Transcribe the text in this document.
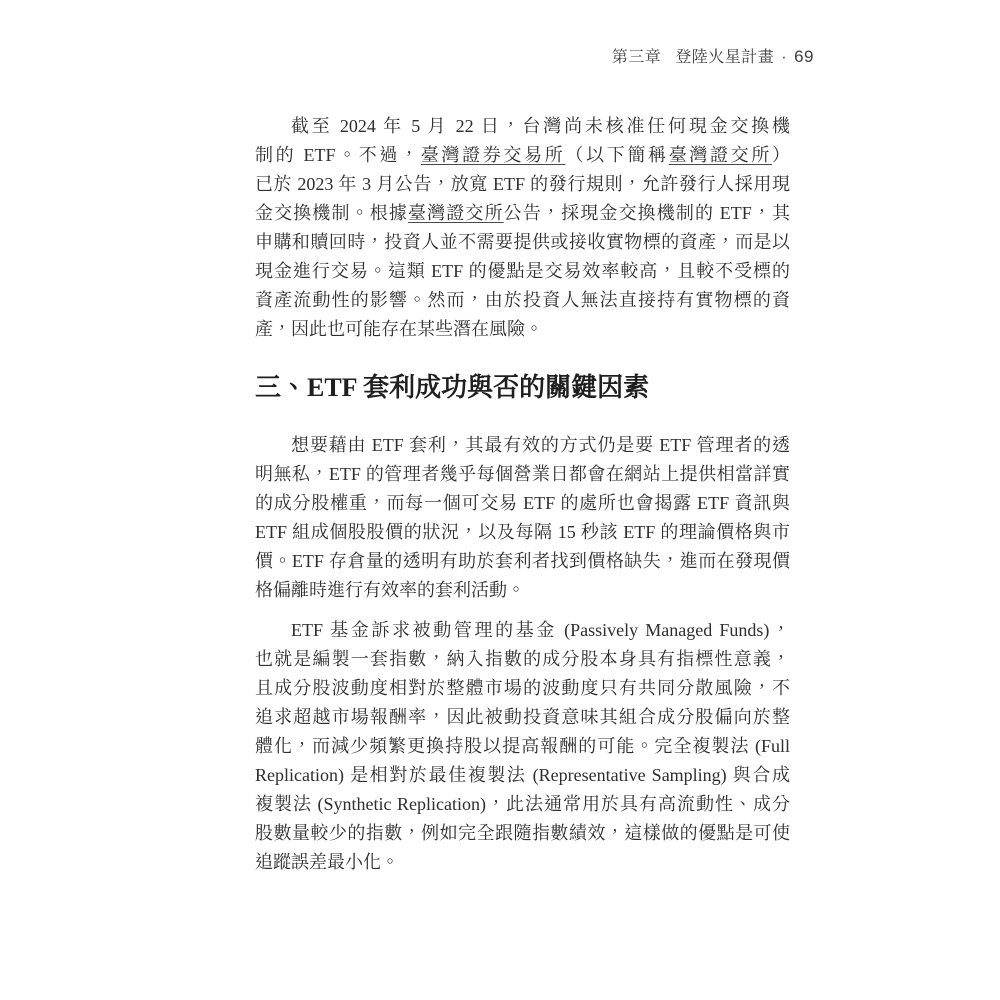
第三章 登陸火星計畫 · 69
截至 2024 年 5 月 22 日，台灣尚未核准任何現金交換機
制的 ETF。不過，臺灣證券交易所（以下簡稱臺灣證交所）
已於 2023 年 3 月公告，放寬 ETF 的發行規則，允許發行人採用現
金交換機制。根據臺灣證交所公告，採現金交換機制的 ETF，其
申購和贖回時，投資人並不需要提供或接收實物標的資產，而是以
現金進行交易。這類 ETF 的優點是交易效率較高，且較不受標的
資產流動性的影響。然而，由於投資人無法直接持有實物標的資
產，因此也可能存在某些潛在風險。
三、ETF 套利成功與否的關鍵因素
想要藉由 ETF 套利，其最有效的方式仍是要 ETF 管理者的透
明無私，ETF 的管理者幾乎每個營業日都會在網站上提供相當詳實
的成分股權重，而每一個可交易 ETF 的處所也會揭露 ETF 資訊與
ETF 組成個股股價的狀況，以及每隔 15 秒該 ETF 的理論價格與市
價。ETF 存倉量的透明有助於套利者找到價格缺失，進而在發現價
格偏離時進行有效率的套利活動。
ETF 基金訴求被動管理的基金 (Passively Managed Funds)，
也就是編製一套指數，納入指數的成分股本身具有指標性意義，
且成分股波動度相對於整體市場的波動度只有共同分散風險，不
追求超越市場報酬率，因此被動投資意味其組合成分股偏向於整
體化，而減少頻繁更換持股以提高報酬的可能。完全複製法 (Full
Replication) 是相對於最佳複製法 (Representative Sampling) 與合成
複製法 (Synthetic Replication)，此法通常用於具有高流動性、成分
股數量較少的指數，例如完全跟隨指數績效，這樣做的優點是可使
追蹤誤差最小化。
